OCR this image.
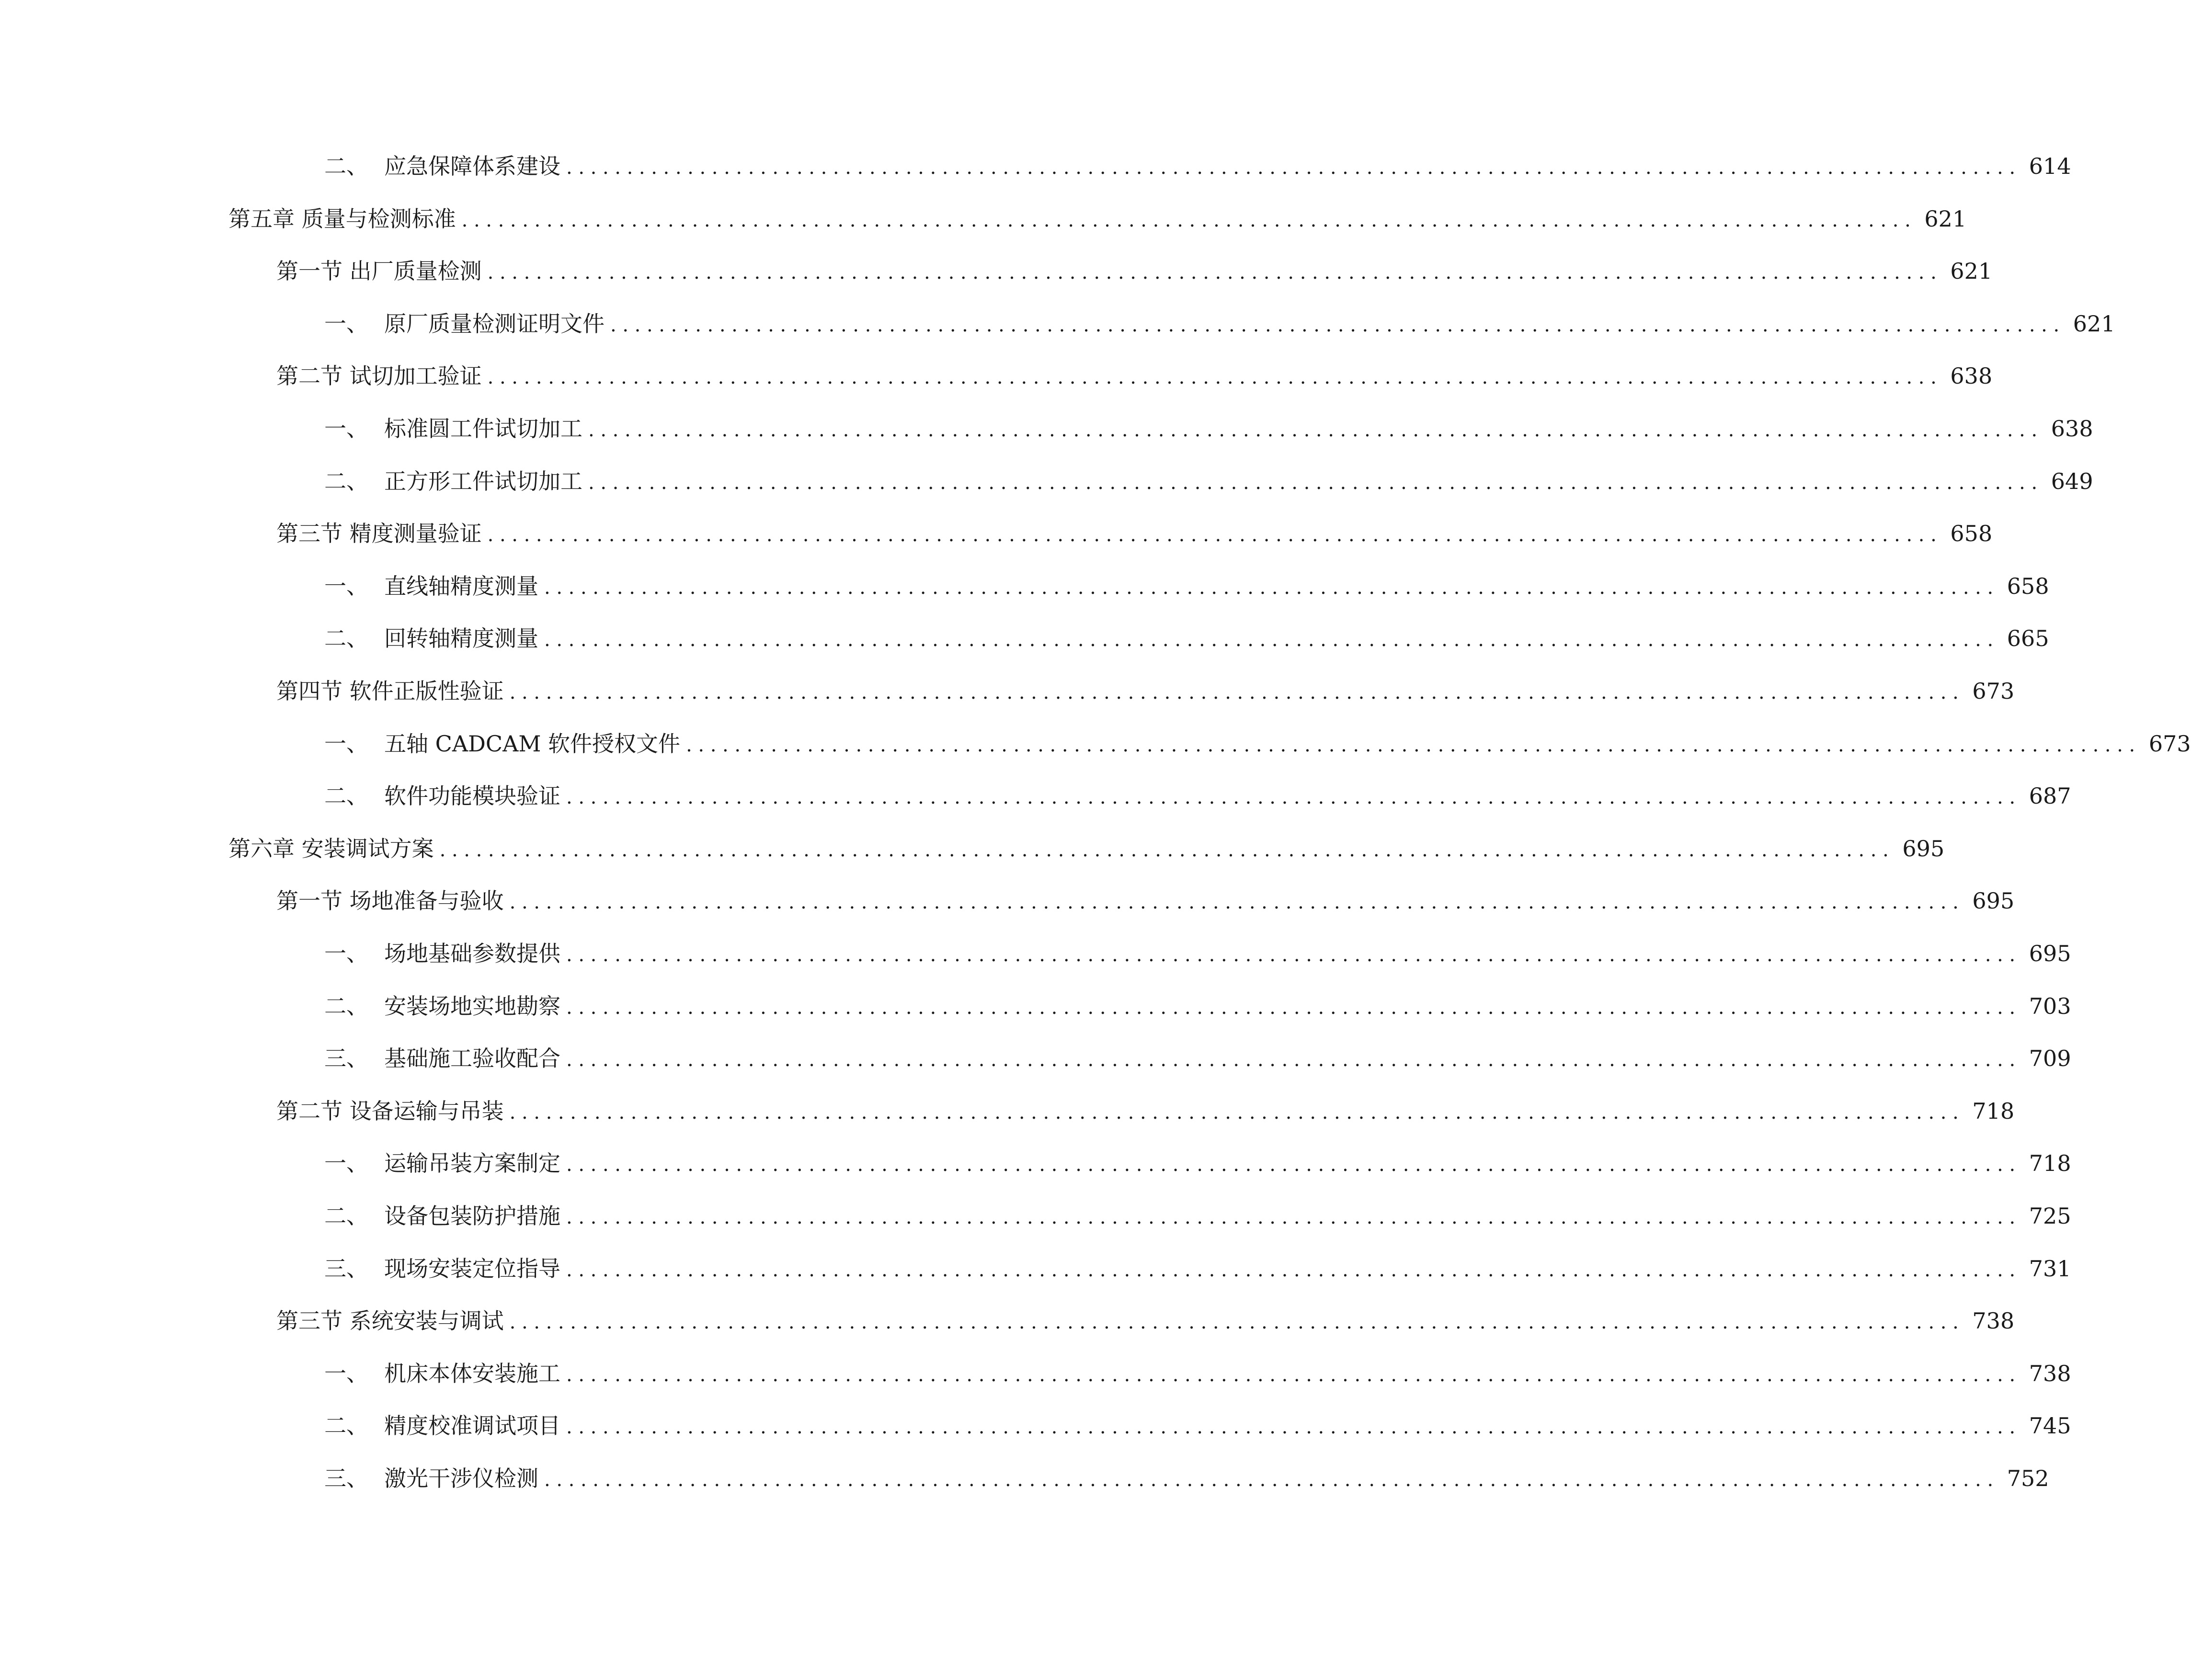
二、 应急保障体系建设 ........................................................................................................................ 614
第五章 质量与检测标准 ........................................................................................................................ 621
第一节 出厂质量检测 ........................................................................................................................ 621
一、 原厂质量检测证明文件 ........................................................................................................................ 621
第二节 试切加工验证 ........................................................................................................................ 638
一、 标准圆工件试切加工 ........................................................................................................................ 638
二、 正方形工件试切加工 ........................................................................................................................ 649
第三节 精度测量验证 ........................................................................................................................ 658
一、 直线轴精度测量 ........................................................................................................................ 658
二、 回转轴精度测量 ........................................................................................................................ 665
第四节 软件正版性验证 ........................................................................................................................ 673
一、 五轴 CADCAM 软件授权文件 ........................................................................................................................ 673
二、 软件功能模块验证 ........................................................................................................................ 687
第六章 安装调试方案 ........................................................................................................................ 695
第一节 场地准备与验收 ........................................................................................................................ 695
一、 场地基础参数提供 ........................................................................................................................ 695
二、 安装场地实地勘察 ........................................................................................................................ 703
三、 基础施工验收配合 ........................................................................................................................ 709
第二节 设备运输与吊装 ........................................................................................................................ 718
一、 运输吊装方案制定 ........................................................................................................................ 718
二、 设备包装防护措施 ........................................................................................................................ 725
三、 现场安装定位指导 ........................................................................................................................ 731
第三节 系统安装与调试 ........................................................................................................................ 738
一、 机床本体安装施工 ........................................................................................................................ 738
二、 精度校准调试项目 ........................................................................................................................ 745
三、 激光干涉仪检测 ........................................................................................................................ 752
